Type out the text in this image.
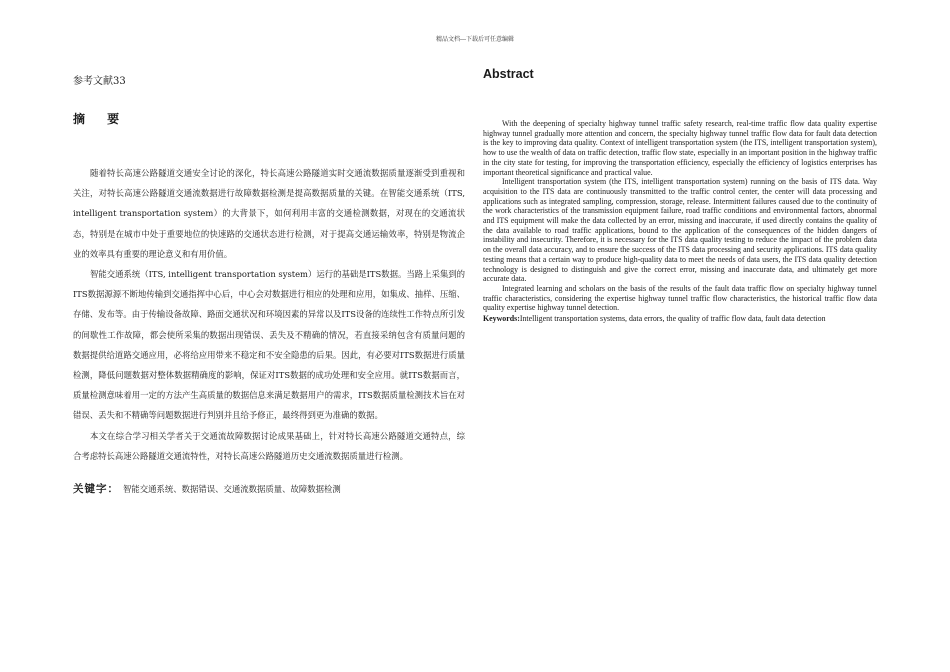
精品文档---下载后可任意编辑

参考文献33

摘 要

随着特长高速公路隧道交通安全讨论的深化，特长高速公路隧道实时交通流数据质量逐渐受到重视和关注，对特长高速公路隧道交通流数据进行故障数据检测是提高数据质量的关键。在智能交通系统（ITS, intelligent transportation system）的大背景下，如何利用丰富的交通检测数据，对现在的交通流状态，特别是在城市中处于重要地位的快速路的交通状态进行检测，对于提高交通运输效率，特别是物流企业的效率具有重要的理论意义和有用价值。

智能交通系统（ITS, intelligent transportation system）运行的基础是ITS数据。当路上采集到的ITS数据源源不断地传输到交通指挥中心后，中心会对数据进行相应的处理和应用，如集成、抽样、压缩、存储、发布等。由于传输设备故障、路面交通状况和环境因素的异常以及ITS设备的连续性工作特点所引发的间歇性工作故障，都会使所采集的数据出现错误、丢失及不精确的情况，若直接采纳包含有质量问题的数据提供给道路交通应用，必将给应用带来不稳定和不安全隐患的后果。因此，有必要对ITS数据进行质量检测，降低问题数据对整体数据精确度的影响，保证对ITS数据的成功处理和安全应用。就ITS数据而言，质量检测意味着用一定的方法产生高质量的数据信息来满足数据用户的需求，ITS数据质量检测技术旨在对错误、丢失和不精确等问题数据进行判别并且给予修正，最终得到更为准确的数据。

本文在综合学习相关学者关于交通流故障数据讨论成果基础上，针对特长高速公路隧道交通特点，综合考虑特长高速公路隧道交通流特性，对特长高速公路隧道历史交通流数据质量进行检测。

关键字： 智能交通系统、数据错误、交通流数据质量、故障数据检测

Abstract

With the deepening of specialty highway tunnel traffic safety research, real-time traffic flow data quality expertise highway tunnel gradually more attention and concern, the specialty highway tunnel traffic flow data for fault data detection is the key to improving data quality. Context of intelligent transportation system (the ITS, intelligent transportation system), how to use the wealth of data on traffic detection, traffic flow state, especially in an important position in the highway traffic in the city state for testing, for improving the transportation efficiency, especially the efficiency of logistics enterprises has important theoretical significance and practical value.

Intelligent transportation system (the ITS, intelligent transportation system) running on the basis of ITS data. Way acquisition to the ITS data are continuously transmitted to the traffic control center, the center will data processing and applications such as integrated sampling, compression, storage, release. Intermittent failures caused due to the continuity of the work characteristics of the transmission equipment failure, road traffic conditions and environmental factors, abnormal and ITS equipment will make the data collected by an error, missing and inaccurate, if used directly contains the quality of the data available to road traffic applications, bound to the application of the consequences of the hidden dangers of instability and insecurity. Therefore, it is necessary for the ITS data quality testing to reduce the impact of the problem data on the overall data accuracy, and to ensure the success of the ITS data processing and security applications. ITS data quality testing means that a certain way to produce high-quality data to meet the needs of data users, the ITS data quality detection technology is designed to distinguish and give the correct error, missing and inaccurate data, and ultimately get more accurate data.

Integrated learning and scholars on the basis of the results of the fault data traffic flow on specialty highway tunnel traffic characteristics, considering the expertise highway tunnel traffic flow characteristics, the historical traffic flow data quality expertise highway tunnel detection.

Keywords:Intelligent transportation systems, data errors, the quality of traffic flow data, fault data detection
